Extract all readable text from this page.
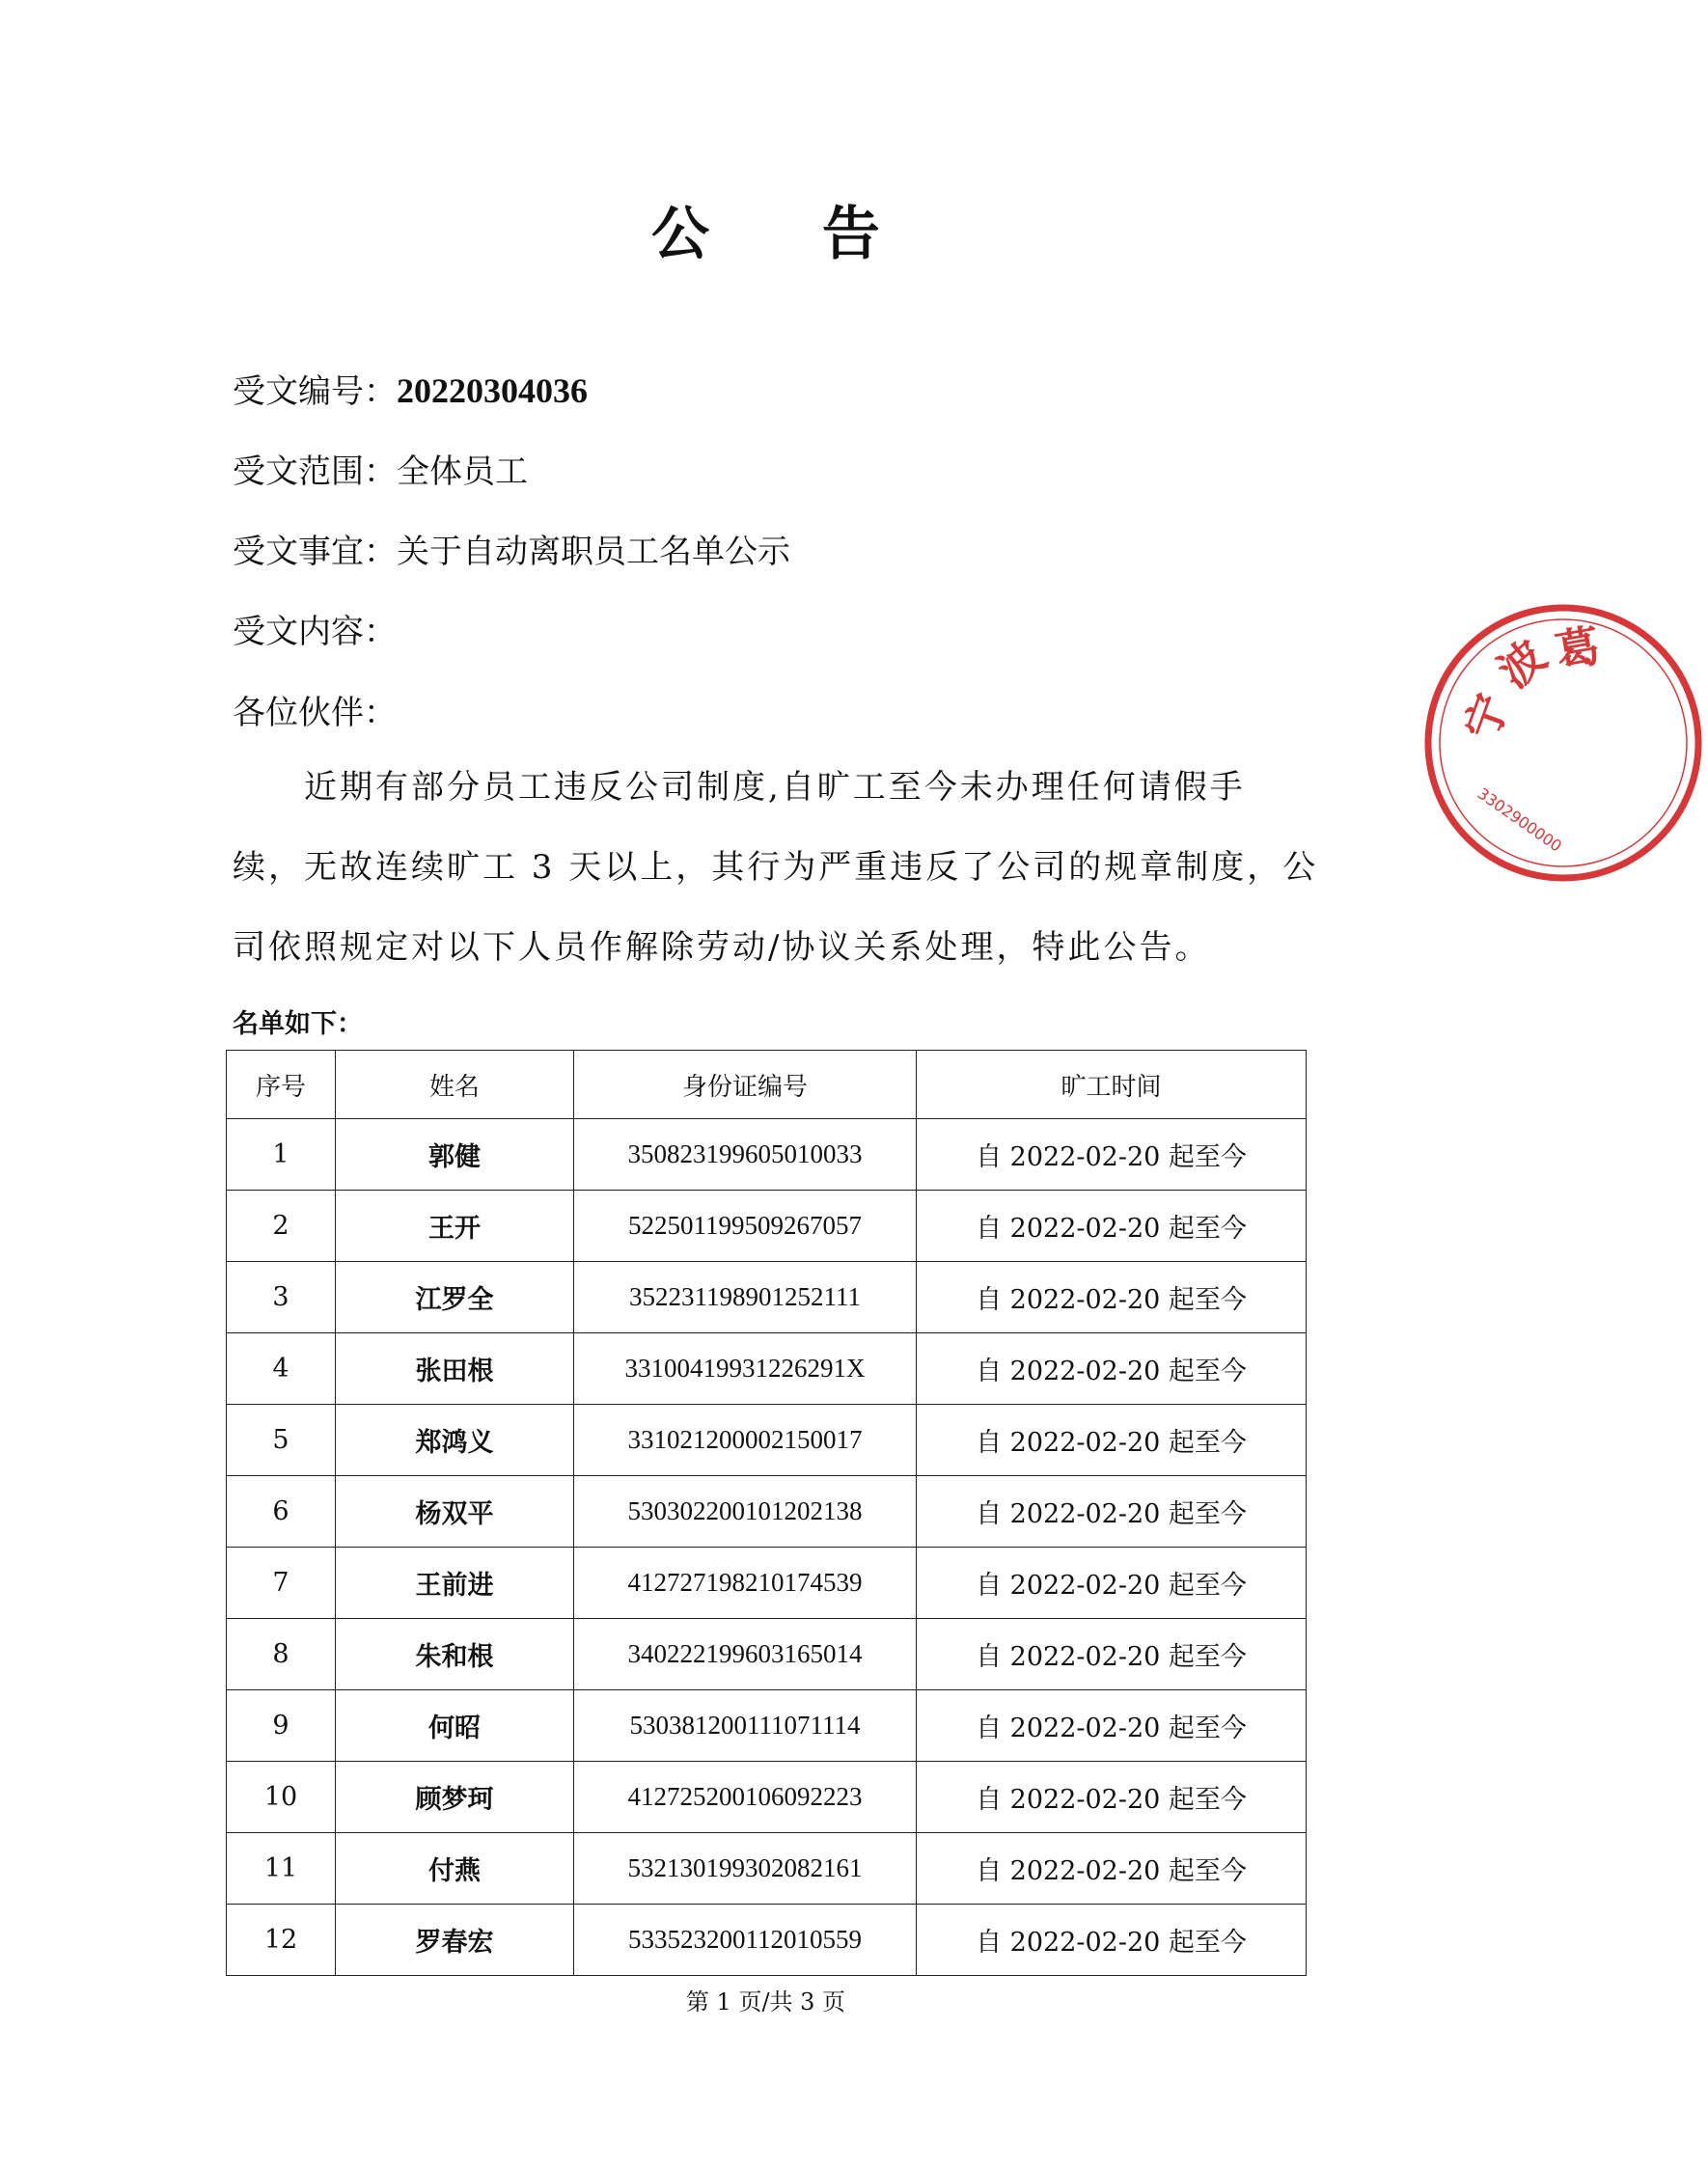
公 告
受文编号：20220304036
受文范围：全体员工
受文事宜：关于自动离职员工名单公示
受文内容：
各位伙伴：
　　近期有部分员工违反公司制度,自旷工至今未办理任何请假手
续，无故连续旷工 3 天以上，其行为严重违反了公司的规章制度，公
司依照规定对以下人员作解除劳动/协议关系处理，特此公告。
名单如下：
序号	姓名	身份证编号	旷工时间
1	郭健	350823199605010033	自 2022-02-20 起至今
2	王开	522501199509267057	自 2022-02-20 起至今
3	江罗全	352231198901252111	自 2022-02-20 起至今
4	张田根	33100419931226291X	自 2022-02-20 起至今
5	郑鸿义	331021200002150017	自 2022-02-20 起至今
6	杨双平	530302200101202138	自 2022-02-20 起至今
7	王前进	412727198210174539	自 2022-02-20 起至今
8	朱和根	340222199603165014	自 2022-02-20 起至今
9	何昭	530381200111071114	自 2022-02-20 起至今
10	顾梦珂	412725200106092223	自 2022-02-20 起至今
11	付燕	532130199302082161	自 2022-02-20 起至今
12	罗春宏	533523200112010559	自 2022-02-20 起至今
第 1 页/共 3 页
宁
波
葛
3302900000
